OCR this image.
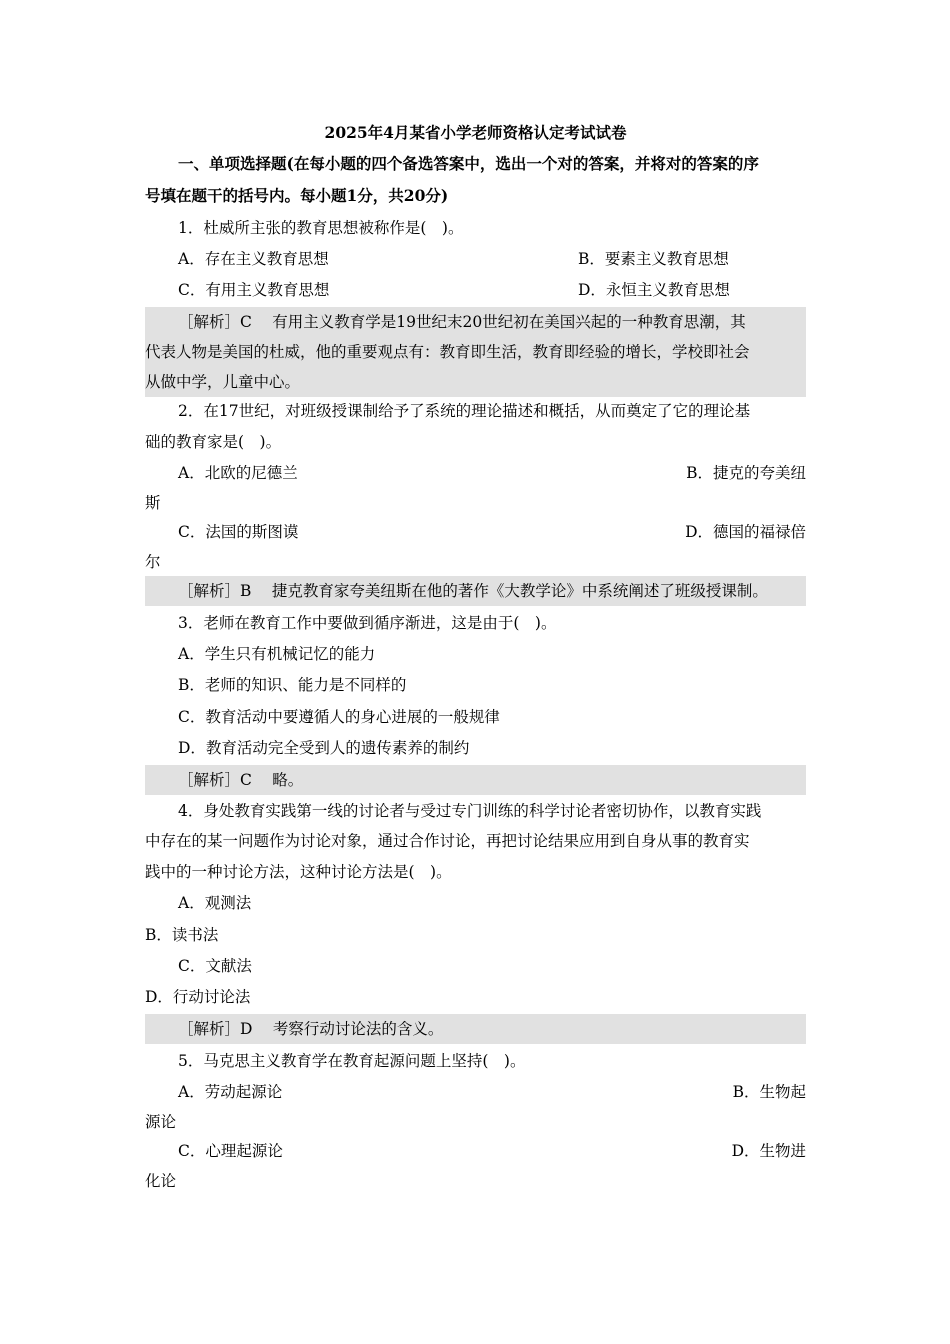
2025年4月某省小学老师资格认定考试试卷
一、单项选择题(在每小题的四个备选答案中，选出一个对的答案，并将对的答案的序
号填在题干的括号内。每小题1分，共20分)
1．杜威所主张的教育思想被称作是(　)。
A．存在主义教育思想	B．要素主义教育思想
C．有用主义教育思想	D．永恒主义教育思想
［解析］C　 有用主义教育学是19世纪末20世纪初在美国兴起的一种教育思潮，其
代表人物是美国的杜威，他的重要观点有：教育即生活，教育即经验的增长，学校即社会
从做中学，儿童中心。
2．在17世纪，对班级授课制给予了系统的理论描述和概括，从而奠定了它的理论基
础的教育家是(　)。
A．北欧的尼德兰	B．捷克的夸美纽
斯
C．法国的斯图谟	D．德国的福禄倍
尔
［解析］B　 捷克教育家夸美纽斯在他的著作《大教学论》中系统阐述了班级授课制。
3．老师在教育工作中要做到循序渐进，这是由于(　)。
A．学生只有机械记忆的能力
B．老师的知识、能力是不同样的
C．教育活动中要遵循人的身心进展的一般规律
D．教育活动完全受到人的遗传素养的制约
［解析］C　 略。
4．身处教育实践第一线的讨论者与受过专门训练的科学讨论者密切协作，以教育实践
中存在的某一问题作为讨论对象，通过合作讨论，再把讨论结果应用到自身从事的教育实
践中的一种讨论方法，这种讨论方法是(　)。
A．观测法
B．读书法
C．文献法
D．行动讨论法
［解析］D　 考察行动讨论法的含义。
5．马克思主义教育学在教育起源问题上坚持(　)。
A．劳动起源论	B．生物起
源论
C．心理起源论	D．生物进
化论
